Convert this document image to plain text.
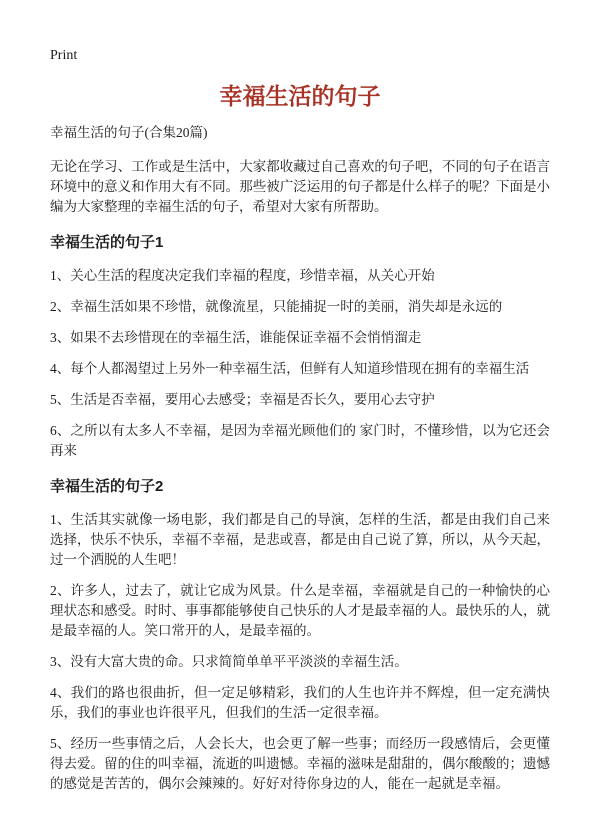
Print
幸福生活的句子

幸福生活的句子(合集20篇)

无论在学习、工作或是生活中，大家都收藏过自己喜欢的句子吧，不同的句子在语言环境中的意义和作用大有不同。那些被广泛运用的句子都是什么样子的呢？下面是小编为大家整理的幸福生活的句子，希望对大家有所帮助。

幸福生活的句子1

1、关心生活的程度决定我们幸福的程度，珍惜幸福，从关心开始

2、幸福生活如果不珍惜，就像流星，只能捕捉一时的美丽，消失却是永远的

3、如果不去珍惜现在的幸福生活，谁能保证幸福不会悄悄溜走

4、每个人都渴望过上另外一种幸福生活，但鲜有人知道珍惜现在拥有的幸福生活

5、生活是否幸福，要用心去感受；幸福是否长久，要用心去守护

6、之所以有太多人不幸福，是因为幸福光顾他们的 家门时，不懂珍惜，以为它还会再来

幸福生活的句子2

1、生活其实就像一场电影，我们都是自己的导演，怎样的生活，都是由我们自己来选择，快乐不快乐，幸福不幸福，是悲或喜，都是由自己说了算，所以，从今天起，过一个洒脱的人生吧！

2、许多人，过去了，就让它成为风景。什么是幸福，幸福就是自己的一种愉快的心理状态和感受。时时、事事都能够使自己快乐的人才是最幸福的人。最快乐的人，就是最幸福的人。笑口常开的人，是最幸福的。

3、没有大富大贵的命。只求简简单单平平淡淡的幸福生活。

4、我们的路也很曲折，但一定足够精彩，我们的人生也许并不辉煌，但一定充满快乐，我们的事业也许很平凡，但我们的生活一定很幸福。

5、经历一些事情之后，人会长大，也会更了解一些事；而经历一段感情后，会更懂得去爱。留的住的叫幸福，流逝的叫遗憾。幸福的滋味是甜甜的，偶尔酸酸的；遗憾的感觉是苦苦的，偶尔会辣辣的。好好对待你身边的人，能在一起就是幸福。
